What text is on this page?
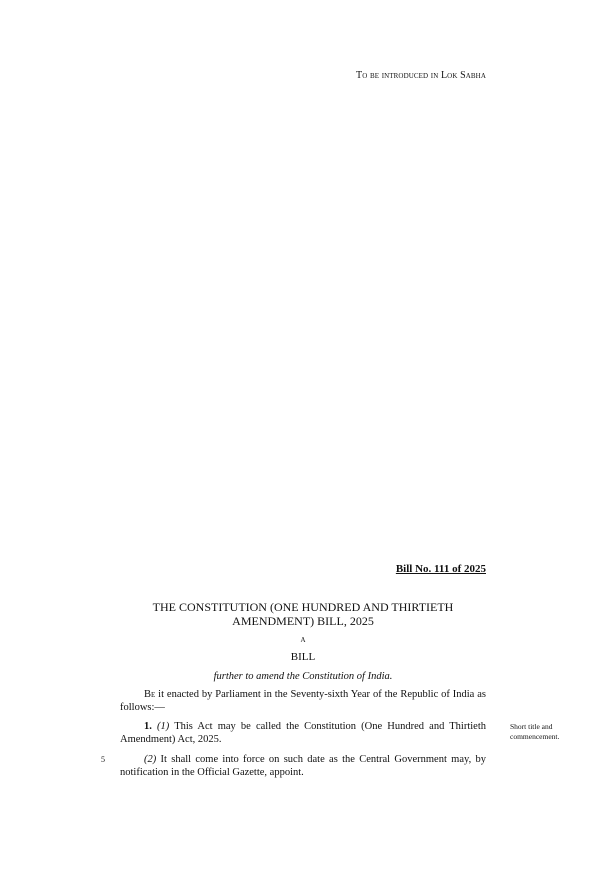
To be introduced in Lok Sabha
Bill No. 111 of 2025
THE CONSTITUTION (ONE HUNDRED AND THIRTIETH
AMENDMENT) BILL, 2025
A
BILL
further to amend the Constitution of India.
Be it enacted by Parliament in the Seventy-sixth Year of the Republic of India as follows:—
1. (1) This Act may be called the Constitution (One Hundred and Thirtieth Amendment) Act, 2025.
Short title and commencement.
5	(2) It shall come into force on such date as the Central Government may, by notification in the Official Gazette, appoint.
